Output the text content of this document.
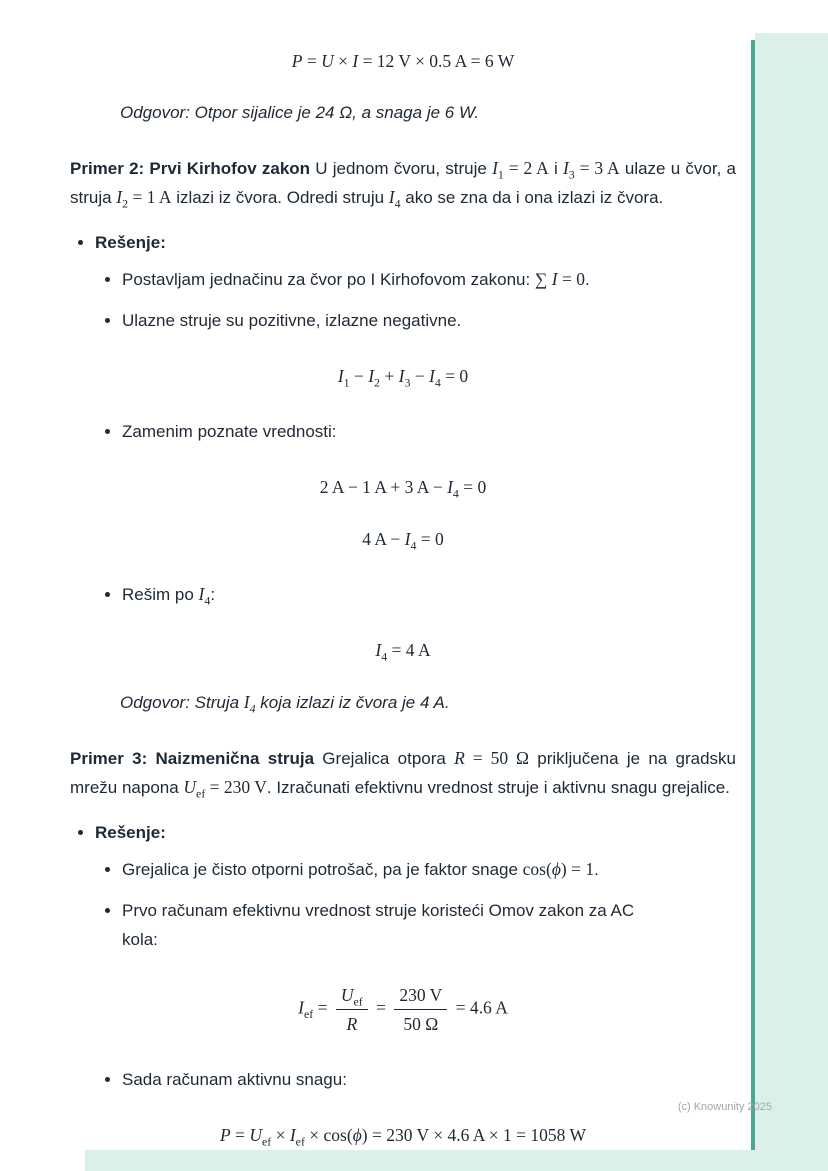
P = U × I = 12 V × 0.5 A = 6 W
Odgovor: Otpor sijalice je 24 Ω, a snaga je 6 W.

Primer 2: Prvi Kirhofov zakon U jednom čvoru, struje $I_1 = 2$ A i $I_3 = 3$ A ulaze u čvor, a struja $I_2 = 1$ A izlazi iz čvora. Odredi struju $I_4$ ako se zna da i ona izlazi iz čvora.

Rešenje:
Postavljam jednačinu za čvor po I Kirhofovom zakonu: ∑ I = 0.
Ulazne struje su pozitivne, izlazne negativne.
$I_1 - I_2 + I_3 - I_4 = 0$
Zamenim poznate vrednosti:
2 A − 1 A + 3 $A - I_4 = 0$
4 $A - I_4 = 0$
Rešim po $I_4$:
$I_4 = 4$ A
Odgovor: Struja $I_4$ koja izlazi iz čvora je 4 A.

Primer 3: Naizmenična struja Grejalica otpora R = 50 Ω priključena je na gradsku mrežu napona $U_{ef} = 230$ V. Izračunati efektivnu vrednost struje i aktivnu snagu grejalice.

Rešenje:
Grejalica je čisto otporni potrošač, pa je faktor snage cos(ϕ) = 1.
Prvo računam efektivnu vrednost struje koristeći Omov zakon za AC
kola:
$I_{ef} = \frac{U_{ef}}{R} = \frac{230 V}{50 \Omega} = 4.6$ A
Sada računam aktivnu snagu:
$P = U_{ef} \times I_{ef} \times \cos(\phi) = 230$ V × 4.6 A × 1 = 1058 W
(c) Knowunity 2025
